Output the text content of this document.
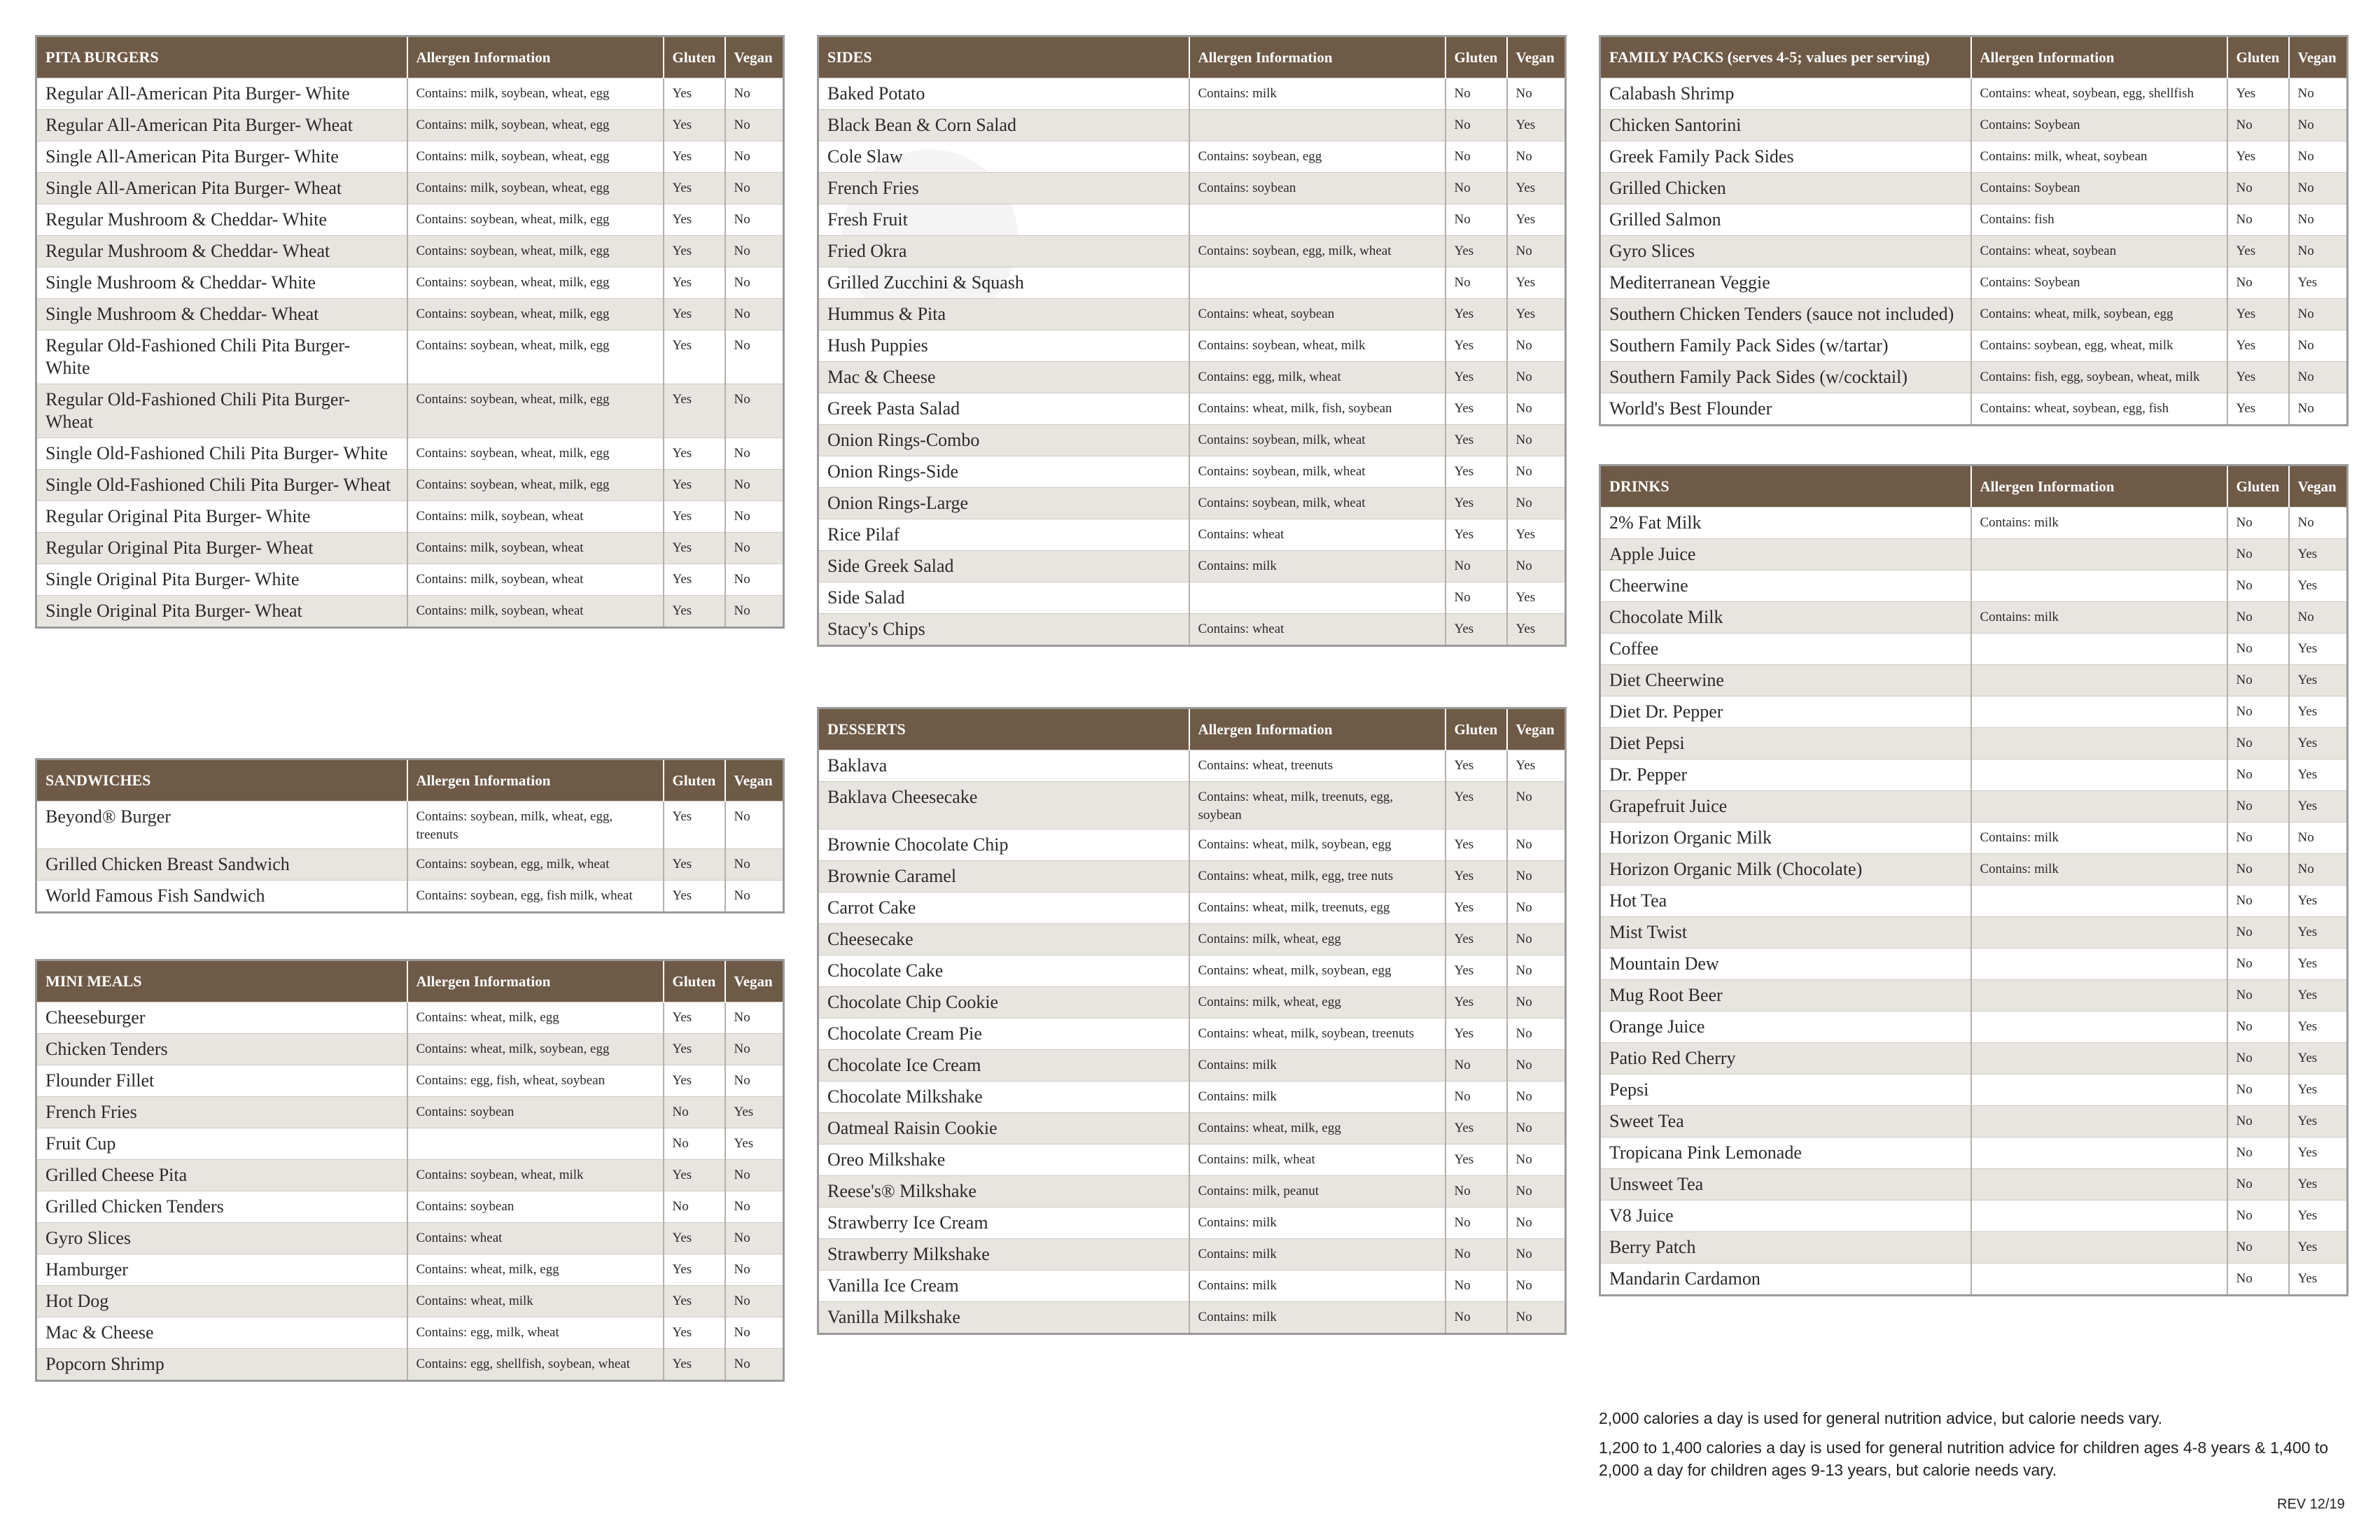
PITA BURGERS	Allergen Information	Gluten	Vegan
Regular All-American Pita Burger- White	Contains: milk, soybean, wheat, egg	Yes	No
Regular All-American Pita Burger- Wheat	Contains: milk, soybean, wheat, egg	Yes	No
Single All-American Pita Burger- White	Contains: milk, soybean, wheat, egg	Yes	No
Single All-American Pita Burger- Wheat	Contains: milk, soybean, wheat, egg	Yes	No
Regular Mushroom & Cheddar- White	Contains: soybean, wheat, milk, egg	Yes	No
Regular Mushroom & Cheddar- Wheat	Contains: soybean, wheat, milk, egg	Yes	No
Single Mushroom & Cheddar- White	Contains: soybean, wheat, milk, egg	Yes	No
Single Mushroom & Cheddar- Wheat	Contains: soybean, wheat, milk, egg	Yes	No
Regular Old-Fashioned Chili Pita Burger- White	Contains: soybean, wheat, milk, egg	Yes	No
Regular Old-Fashioned Chili Pita Burger- Wheat	Contains: soybean, wheat, milk, egg	Yes	No
Single Old-Fashioned Chili Pita Burger- White	Contains: soybean, wheat, milk, egg	Yes	No
Single Old-Fashioned Chili Pita Burger- Wheat	Contains: soybean, wheat, milk, egg	Yes	No
Regular Original Pita Burger- White	Contains: milk, soybean, wheat	Yes	No
Regular Original Pita Burger- Wheat	Contains: milk, soybean, wheat	Yes	No
Single Original Pita Burger- White	Contains: milk, soybean, wheat	Yes	No
Single Original Pita Burger- Wheat	Contains: milk, soybean, wheat	Yes	No
SANDWICHES	Allergen Information	Gluten	Vegan
Beyond® Burger	Contains: soybean, milk, wheat, egg, treenuts	Yes	No
Grilled Chicken Breast Sandwich	Contains: soybean, egg, milk, wheat	Yes	No
World Famous Fish Sandwich	Contains: soybean, egg, fish milk, wheat	Yes	No
MINI MEALS	Allergen Information	Gluten	Vegan
Cheeseburger	Contains: wheat, milk, egg	Yes	No
Chicken Tenders	Contains: wheat, milk, soybean, egg	Yes	No
Flounder Fillet	Contains: egg, fish, wheat, soybean	Yes	No
French Fries	Contains: soybean	No	Yes
Fruit Cup		No	Yes
Grilled Cheese Pita	Contains: soybean, wheat, milk	Yes	No
Grilled Chicken Tenders	Contains: soybean	No	No
Gyro Slices	Contains: wheat	Yes	No
Hamburger	Contains: wheat, milk, egg	Yes	No
Hot Dog	Contains: wheat, milk	Yes	No
Mac & Cheese	Contains: egg, milk, wheat	Yes	No
Popcorn Shrimp	Contains: egg, shellfish, soybean, wheat	Yes	No
SIDES	Allergen Information	Gluten	Vegan
Baked Potato	Contains: milk	No	No
Black Bean & Corn Salad		No	Yes
Cole Slaw	Contains: soybean, egg	No	No
French Fries	Contains: soybean	No	Yes
Fresh Fruit		No	Yes
Fried Okra	Contains: soybean, egg, milk, wheat	Yes	No
Grilled Zucchini & Squash		No	Yes
Hummus & Pita	Contains: wheat, soybean	Yes	Yes
Hush Puppies	Contains: soybean, wheat, milk	Yes	No
Mac & Cheese	Contains: egg, milk, wheat	Yes	No
Greek Pasta Salad	Contains: wheat, milk, fish, soybean	Yes	No
Onion Rings-Combo	Contains: soybean, milk, wheat	Yes	No
Onion Rings-Side	Contains: soybean, milk, wheat	Yes	No
Onion Rings-Large	Contains: soybean, milk, wheat	Yes	No
Rice Pilaf	Contains: wheat	Yes	Yes
Side Greek Salad	Contains: milk	No	No
Side Salad		No	Yes
Stacy's Chips	Contains: wheat	Yes	Yes
DESSERTS	Allergen Information	Gluten	Vegan
Baklava	Contains: wheat, treenuts	Yes	Yes
Baklava Cheesecake	Contains: wheat, milk, treenuts, egg, soybean	Yes	No
Brownie Chocolate Chip	Contains: wheat, milk, soybean, egg	Yes	No
Brownie Caramel	Contains: wheat, milk, egg, tree nuts	Yes	No
Carrot Cake	Contains: wheat, milk, treenuts, egg	Yes	No
Cheesecake	Contains: milk, wheat, egg	Yes	No
Chocolate Cake	Contains: wheat, milk, soybean, egg	Yes	No
Chocolate Chip Cookie	Contains: milk, wheat, egg	Yes	No
Chocolate Cream Pie	Contains: wheat, milk, soybean, treenuts	Yes	No
Chocolate Ice Cream	Contains: milk	No	No
Chocolate Milkshake	Contains: milk	No	No
Oatmeal Raisin Cookie	Contains: wheat, milk, egg	Yes	No
Oreo Milkshake	Contains: milk, wheat	Yes	No
Reese's® Milkshake	Contains: milk, peanut	No	No
Strawberry Ice Cream	Contains: milk	No	No
Strawberry Milkshake	Contains: milk	No	No
Vanilla Ice Cream	Contains: milk	No	No
Vanilla Milkshake	Contains: milk	No	No
FAMILY PACKS (serves 4-5; values per serving)	Allergen Information	Gluten	Vegan
Calabash Shrimp	Contains: wheat, soybean, egg, shellfish	Yes	No
Chicken Santorini	Contains: Soybean	No	No
Greek Family Pack Sides	Contains: milk, wheat, soybean	Yes	No
Grilled Chicken	Contains: Soybean	No	No
Grilled Salmon	Contains: fish	No	No
Gyro Slices	Contains: wheat, soybean	Yes	No
Mediterranean Veggie	Contains: Soybean	No	Yes
Southern Chicken Tenders (sauce not included)	Contains: wheat, milk, soybean, egg	Yes	No
Southern Family Pack Sides (w/tartar)	Contains: soybean, egg, wheat, milk	Yes	No
Southern Family Pack Sides (w/cocktail)	Contains: fish, egg, soybean, wheat, milk	Yes	No
World's Best Flounder	Contains: wheat, soybean, egg, fish	Yes	No
DRINKS	Allergen Information	Gluten	Vegan
2% Fat Milk	Contains: milk	No	No
Apple Juice		No	Yes
Cheerwine		No	Yes
Chocolate Milk	Contains: milk	No	No
Coffee		No	Yes
Diet Cheerwine		No	Yes
Diet Dr. Pepper		No	Yes
Diet Pepsi		No	Yes
Dr. Pepper		No	Yes
Grapefruit Juice		No	Yes
Horizon Organic Milk	Contains: milk	No	No
Horizon Organic Milk (Chocolate)	Contains: milk	No	No
Hot Tea		No	Yes
Mist Twist		No	Yes
Mountain Dew		No	Yes
Mug Root Beer		No	Yes
Orange Juice		No	Yes
Patio Red Cherry		No	Yes
Pepsi		No	Yes
Sweet Tea		No	Yes
Tropicana Pink Lemonade		No	Yes
Unsweet Tea		No	Yes
V8 Juice		No	Yes
Berry Patch		No	Yes
Mandarin Cardamon		No	Yes
2,000 calories a day is used for general nutrition advice, but calorie needs vary.
1,200 to 1,400 calories a day is used for general nutrition advice for children ages 4-8 years & 1,400 to 2,000 a day for children ages 9-13 years, but calorie needs vary.
REV 12/19
